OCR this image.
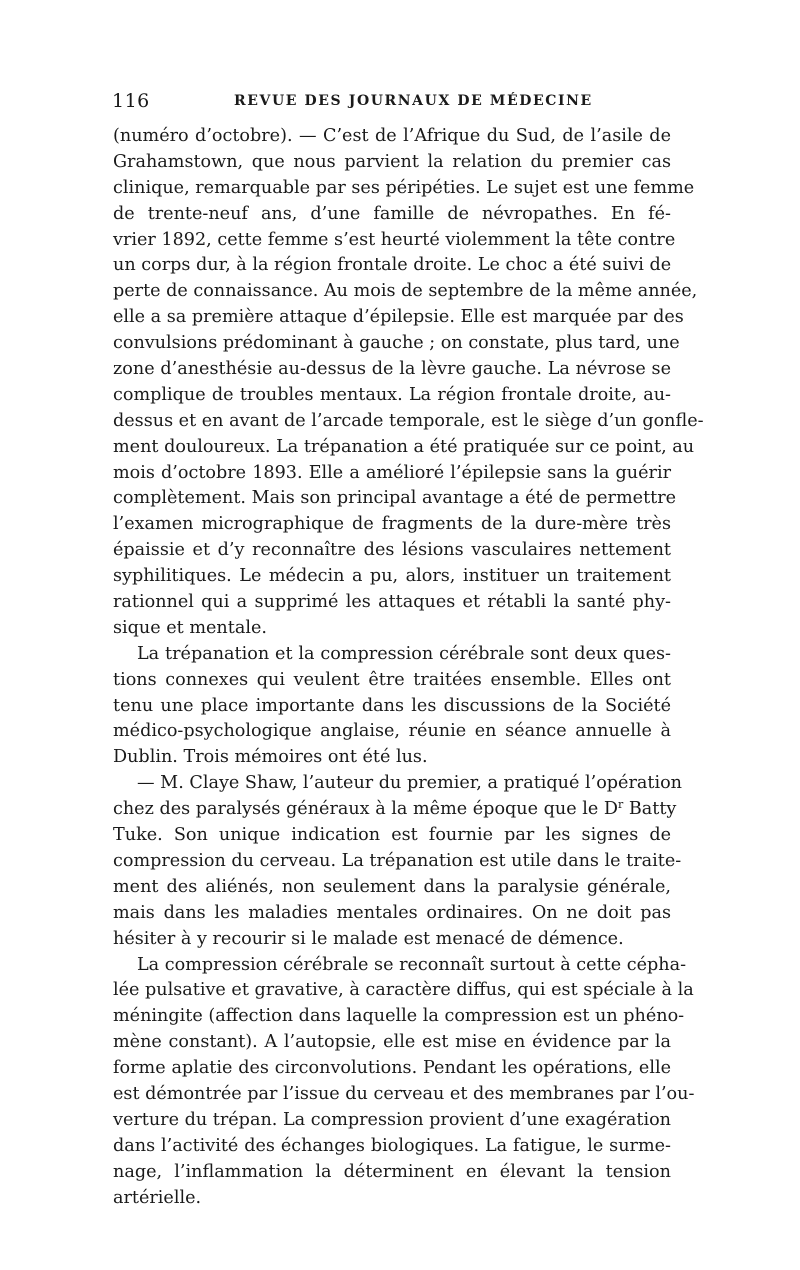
116	REVUE DES JOURNAUX DE MÉDECINE
(numéro d’octobre). — C’est de l’Afrique du Sud, de l’asile de
Grahamstown, que nous parvient la relation du premier cas
clinique, remarquable par ses péripéties. Le sujet est une femme
de trente-neuf ans, d’une famille de névropathes. En fé-
vrier 1892, cette femme s’est heurté violemment la tête contre
un corps dur, à la région frontale droite. Le choc a été suivi de
perte de connaissance. Au mois de septembre de la même année,
elle a sa première attaque d’épilepsie. Elle est marquée par des
convulsions prédominant à gauche ; on constate, plus tard, une
zone d’anesthésie au-dessus de la lèvre gauche. La névrose se
complique de troubles mentaux. La région frontale droite, au-
dessus et en avant de l’arcade temporale, est le siège d’un gonfle-
ment douloureux. La trépanation a été pratiquée sur ce point, au
mois d’octobre 1893. Elle a amélioré l’épilepsie sans la guérir
complètement. Mais son principal avantage a été de permettre
l’examen micrographique de fragments de la dure-mère très
épaissie et d’y reconnaître des lésions vasculaires nettement
syphilitiques. Le médecin a pu, alors, instituer un traitement
rationnel qui a supprimé les attaques et rétabli la santé phy-
sique et mentale.
La trépanation et la compression cérébrale sont deux ques-
tions connexes qui veulent être traitées ensemble. Elles ont
tenu une place importante dans les discussions de la Société
médico-psychologique anglaise, réunie en séance annuelle à
Dublin. Trois mémoires ont été lus.
— M. Claye Shaw, l’auteur du premier, a pratiqué l’opération
chez des paralysés généraux à la même époque que le $D^r$ Batty
Tuke. Son unique indication est fournie par les signes de
compression du cerveau. La trépanation est utile dans le traite-
ment des aliénés, non seulement dans la paralysie générale,
mais dans les maladies mentales ordinaires. On ne doit pas
hésiter à y recourir si le malade est menacé de démence.
La compression cérébrale se reconnaît surtout à cette cépha-
lée pulsative et gravative, à caractère diffus, qui est spéciale à la
méningite (affection dans laquelle la compression est un phéno-
mène constant). A l’autopsie, elle est mise en évidence par la
forme aplatie des circonvolutions. Pendant les opérations, elle
est démontrée par l’issue du cerveau et des membranes par l’ou-
verture du trépan. La compression provient d’une exagération
dans l’activité des échanges biologiques. La fatigue, le surme-
nage, l’inflammation la déterminent en élevant la tension
artérielle.
